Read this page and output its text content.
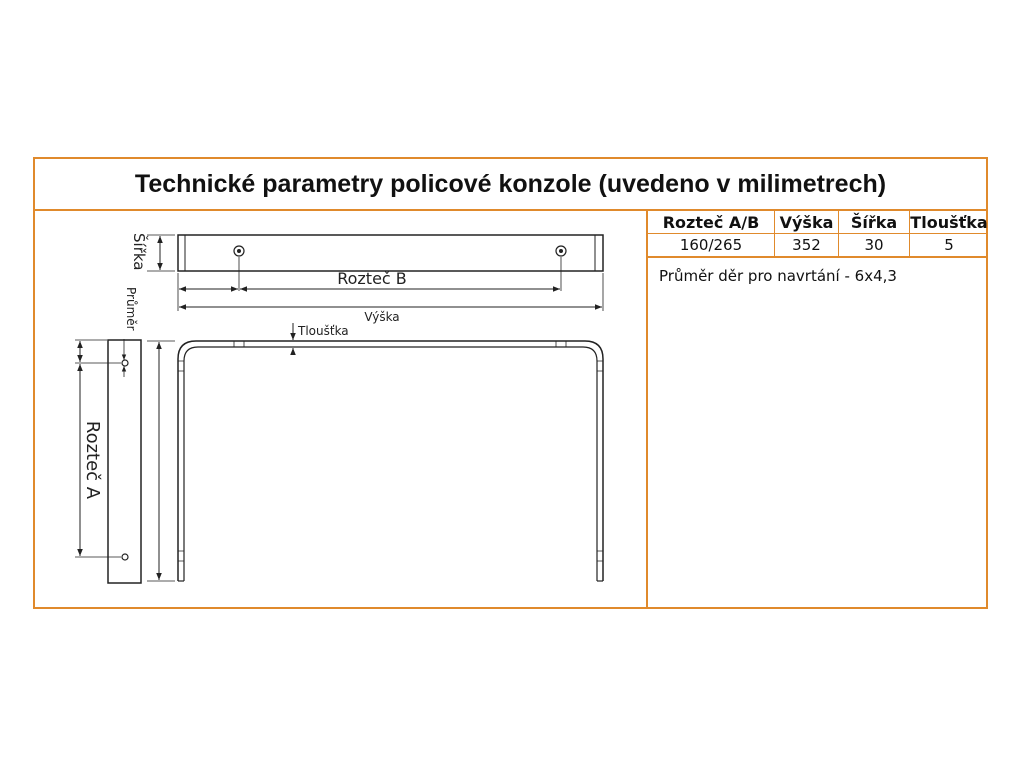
Technické parametry policové konzole (uvedeno v milimetrech)
Šířka
Rozteč B
Výška
Tloušťka
Průměr
Rozteč A
Rozteč A/B	Výška	Šířka	Tloušťka
160/265	352	30	5
Průměr děr pro navrtání - 6x4,3
